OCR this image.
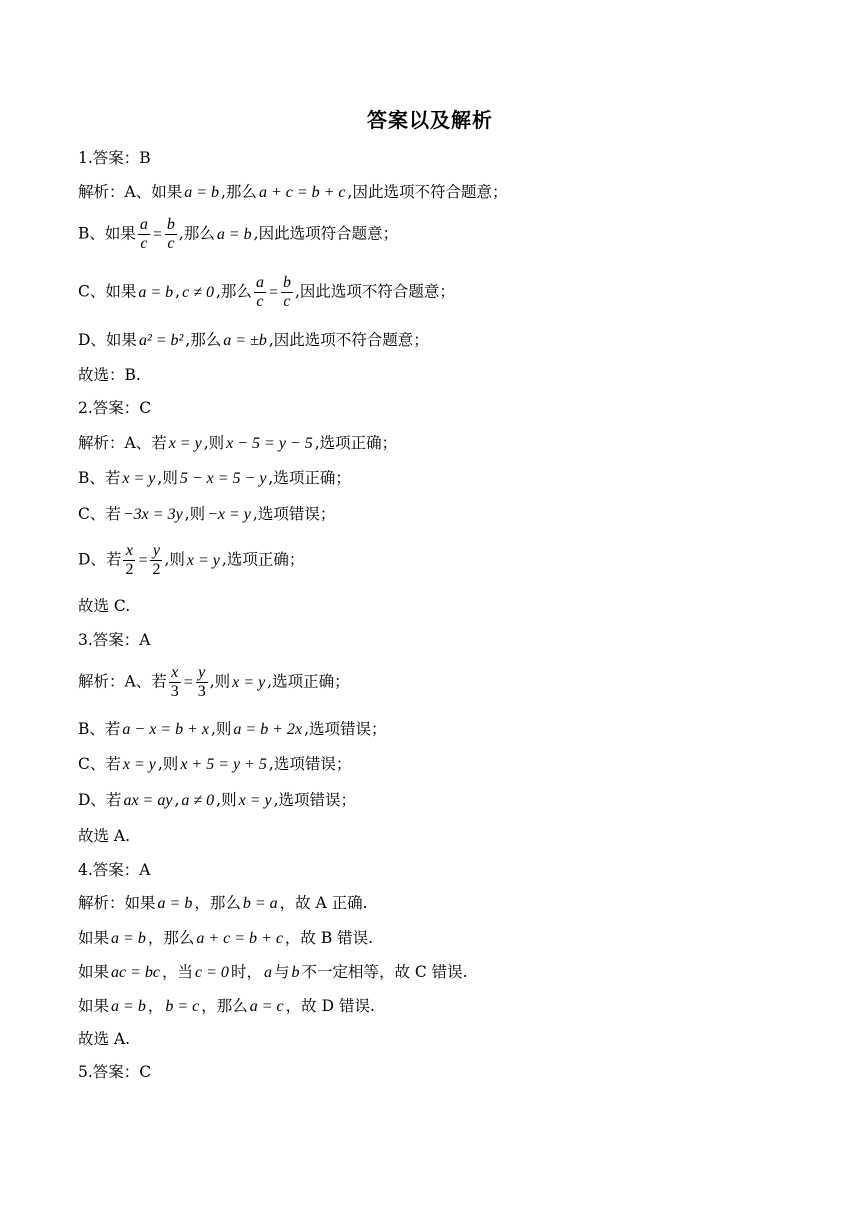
答案以及解析
1.答案：B
解析：A、如果 a = b ,那么 a + c = b + c ,因此选项不符合题意；
B、如果 $\frac{a}{c} = \frac{b}{c}$ ,那么 a = b ,因此选项符合题意；
C、如果 a = b , c ≠ 0 ,那么 $\frac{a}{c} = \frac{b}{c}$ ,因此选项不符合题意；
D、如果 a² = b² ,那么 a = ±b ,因此选项不符合题意；
故选：B.
2.答案：C
解析：A、若 x = y ,则 x − 5 = y − 5 ,选项正确；
B、若 x = y ,则 5 − x = 5 − y ,选项正确；
C、若 −3x = 3y ,则 −x = y ,选项错误；
D、若 $\frac{x}{2} = \frac{y}{2}$ ,则 x = y ,选项正确；
故选 C.
3.答案：A
解析：A、若 $\frac{x}{3} = \frac{y}{3}$ ,则 x = y ,选项正确；
B、若 a − x = b + x ,则 a = b + 2x ,选项错误；
C、若 x = y ,则 x + 5 = y + 5 ,选项错误；
D、若 ax = ay , a ≠ 0 ,则 x = y ,选项错误；
故选 A.
4.答案：A
解析：如果 a = b ，那么 b = a ，故 A 正确.
如果 a = b ，那么 a + c = b + c ，故 B 错误.
如果 ac = bc ，当 c = 0 时， a 与 b 不一定相等，故 C 错误.
如果 a = b ， b = c ，那么 a = c ，故 D 错误.
故选 A.
5.答案：C
